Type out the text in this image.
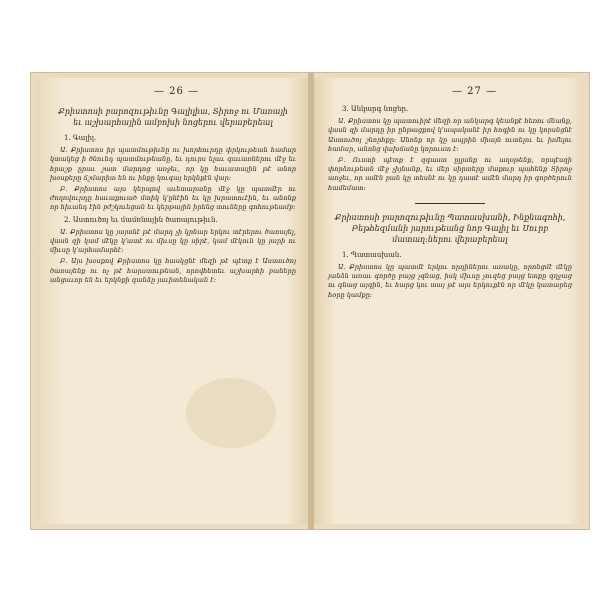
— 26 —
Քրիստոսի բարոզութիւնը Գալիլիա, Տիրոջ ու Մառայի եւ աշխարհային ամբոխի նոցերու վերաբերեալ
1. Գալիլ.

Ա. Քրիստոս իր պատմութիւնը ու խորհուրդը փրկութեան համար կտակեց ի ծնունդ պատմութեանը, եւ դուրս ելաւ գաւառներու մէջ եւ հրաշք ըրաւ շատ մարդոց առջեւ, որ կը հաւատային թէ անոր խօսքերը ճշմարիտ են ու ինքը կուգայ երկնքէն վար։

Բ. Քրիստոս այս կերպով աւետարանը մէջ կը պատմէր ու ժողովուրդը հաւաքուած մտիկ կ՚ընէին եւ կը խրատուէին, եւ անոնք որ հիւանդ էին բժշկուեցան եւ կերթային իրենց տուները գոհութեամբ։

2. Աստուծոյ եւ մամոնային ծառայութիւն.

Ա. Քրիստոս կը յայտնէ թէ մարդ չի կրնար երկու տէրերու ծառայել, վասն զի կամ մէկը կ՚ատէ ու միւսը կը սիրէ, կամ մէկուն կը յարի ու միւսը կ՚արհամարհէ։

Բ. Այս խօսքով Քրիստոս կը հասկցնէ մեզի թէ պէտք է Աստուծոյ ծառայենք ու ոչ թէ հարստութեան, որովհետեւ աշխարհի բաները անցաւոր են եւ երկնքի գանձը յաւիտենական է։

— 27 —
3. Անկարգ նոցեր.

Ա. Քրիստոս կը պատուիրէ մեզի որ անկարգ կեանքէ հեռու մնանք, վասն զի մարդը իր ընթացքով կ՚ապականէ իր հոգին ու կը կորսնցնէ Աստուծոյ շնորհքը։ Անոնք որ կը ապրին միայն ուտելու եւ խմելու համար, անոնց վախճանը կորուստ է։

Բ. Ուստի պէտք է զգաստ ըլլանք ու աղօթենք, որպէսզի փորձութեան մէջ չիյնանք, եւ մեր սիրտերը մաքուր պահենք Տիրոջ առջեւ, որ ամէն բան կը տեսնէ ու կը դատէ ամէն մարդ իր գործերուն համեմատ։

Քրիստոսի բարոզութիւնը Պատասխանի, Ինքնագոհի, Բեթհեզմանի յարութեանց նոր Գալիլ եւ Սուրբ մատաղ։ներու վերաբերեալ
1. Պատասխան.

Ա. Քրիստոս կը պատմէ երկու որդիներու առակը, որոնցմէ մէկը յանձն առաւ գործը բայց չգնաց, իսկ միւսը չուզեց բայց ետքը զղջաց ու գնաց այգին, եւ հարց կու տայ թէ այս երկուքէն որ մէկը կատարեց հօրը կամքը։
